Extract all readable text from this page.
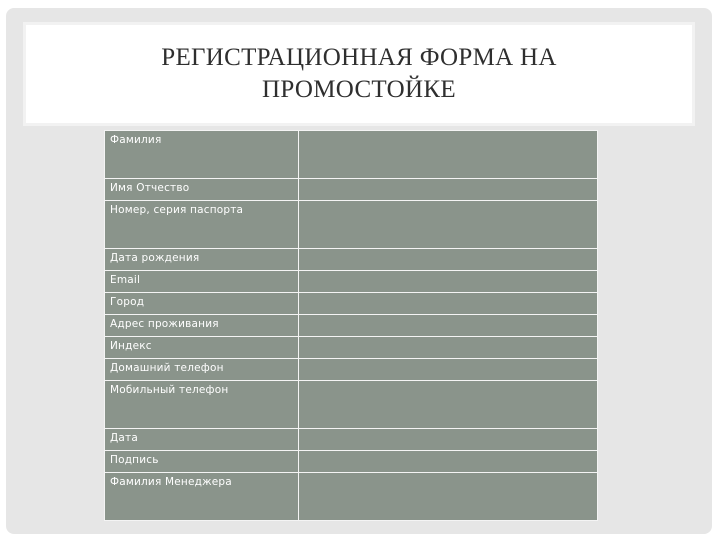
РЕГИСТРАЦИОННАЯ ФОРМА НА
ПРОМОСТОЙКЕ
Фамилия	
Имя Отчество	
Номер, серия паспорта	
Дата рождения	
Email	
Город	
Адрес проживания	
Индекс	
Домашний телефон	
Мобильный телефон	
Дата	
Подпись	
Фамилия Менеджера	
